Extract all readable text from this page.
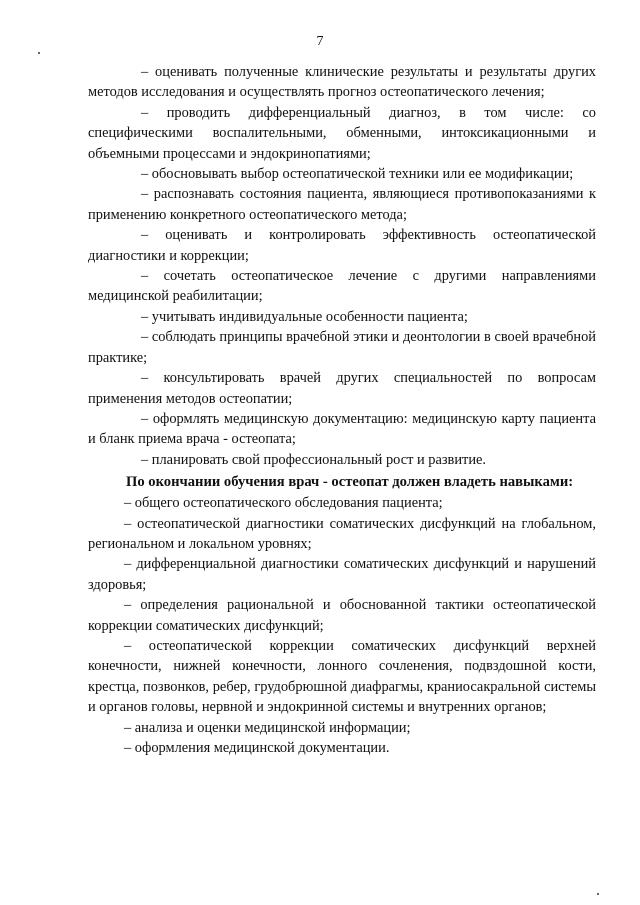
7

– оценивать полученные клинические результаты и результаты других методов исследования и осуществлять прогноз остеопатического лечения;

– проводить дифференциальный диагноз, в том числе: со специфическими воспалительными, обменными, интоксикационными и объемными процессами и эндокринопатиями;

– обосновывать выбор остеопатической техники или ее модификации;

– распознавать состояния пациента, являющиеся противопоказаниями к применению конкретного остеопатического метода;

– оценивать и контролировать эффективность остеопатической диагностики и коррекции;

– сочетать остеопатическое лечение с другими направлениями медицинской реабилитации;

– учитывать индивидуальные особенности пациента;

– соблюдать принципы врачебной этики и деонтологии в своей врачебной практике;

– консультировать врачей других специальностей по вопросам применения методов остеопатии;

– оформлять медицинскую документацию: медицинскую карту пациента и бланк приема врача - остеопата;

– планировать свой профессиональный рост и развитие.

По окончании обучения врач - остеопат должен владеть навыками:

– общего остеопатического обследования пациента;

– остеопатической диагностики соматических дисфункций на глобальном, региональном и локальном уровнях;

– дифференциальной диагностики соматических дисфункций и нарушений здоровья;

– определения рациональной и обоснованной тактики остеопатической коррекции соматических дисфункций;

– остеопатической коррекции соматических дисфункций верхней конечности, нижней конечности, лонного сочленения, подвздошной кости, крестца, позвонков, ребер, грудобрюшной диафрагмы, краниосакральной системы и органов головы, нервной и эндокринной системы и внутренних органов;

– анализа и оценки медицинской информации;

– оформления медицинской документации.
